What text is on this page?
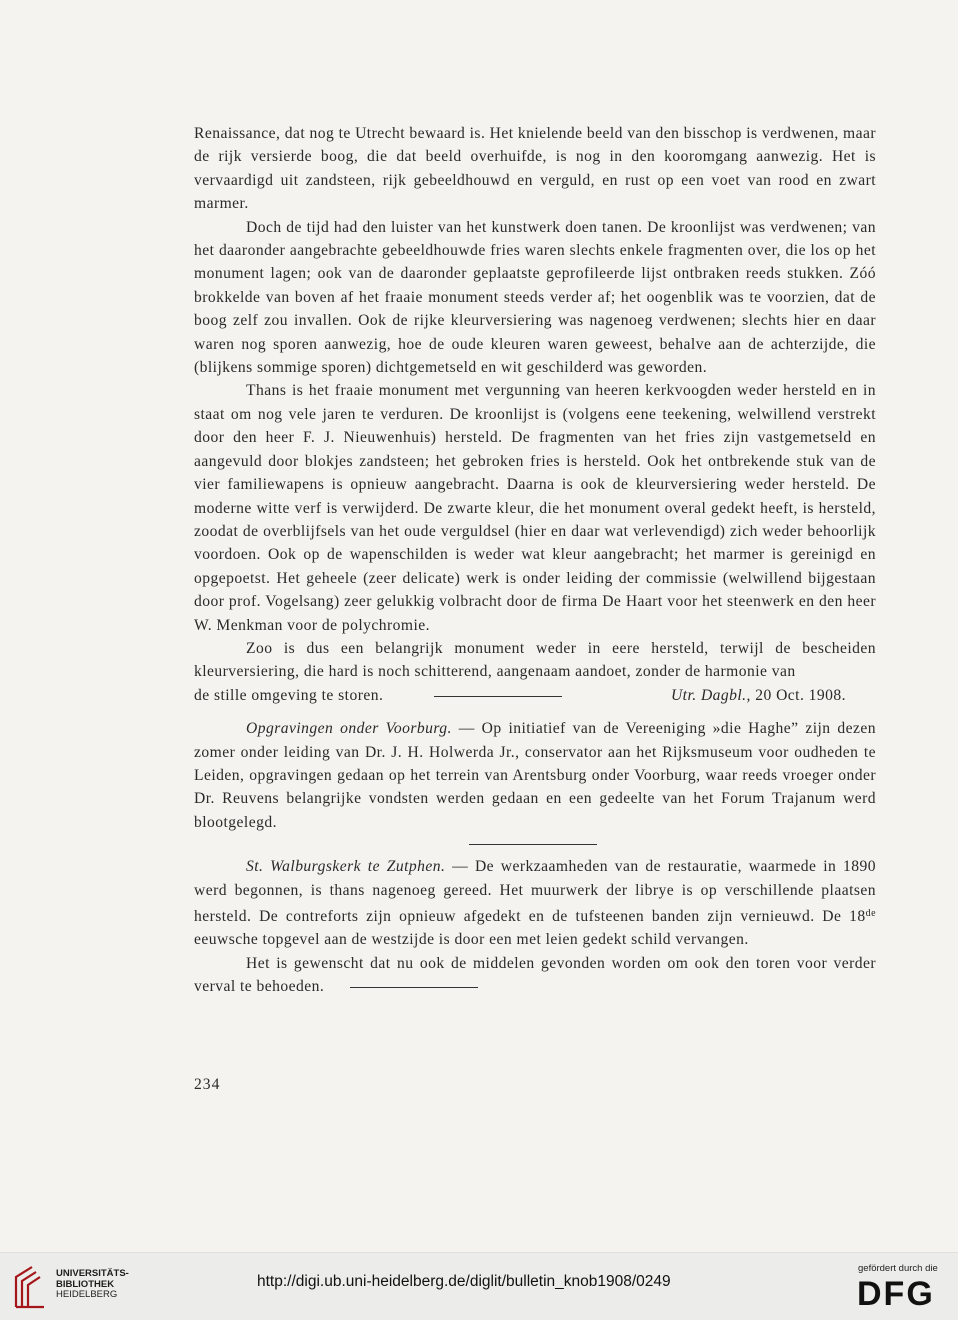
Renaissance, dat nog te Utrecht bewaard is. Het knielende beeld van den bisschop is verdwenen, maar de rijk versierde boog, die dat beeld overhuifde, is nog in den kooromgang aanwezig. Het is vervaardigd uit zandsteen, rijk gebeeldhouwd en verguld, en rust op een voet van rood en zwart marmer.

Doch de tijd had den luister van het kunstwerk doen tanen. De kroonlijst was verdwenen; van het daaronder aangebrachte gebeeldhouwde fries waren slechts enkele fragmenten over, die los op het monument lagen; ook van de daaronder geplaatste geprofileerde lijst ontbraken reeds stukken. Zóó brokkelde van boven af het fraaie monument steeds verder af; het oogenblik was te voorzien, dat de boog zelf zou invallen. Ook de rijke kleurversiering was nagenoeg verdwenen; slechts hier en daar waren nog sporen aanwezig, hoe de oude kleuren waren geweest, behalve aan de achterzijde, die (blijkens sommige sporen) dichtgemetseld en wit geschilderd was geworden.

Thans is het fraaie monument met vergunning van heeren kerkvoogden weder hersteld en in staat om nog vele jaren te verduren. De kroonlijst is (volgens eene teekening, welwillend verstrekt door den heer F. J. Nieuwenhuis) hersteld. De fragmenten van het fries zijn vastgemetseld en aangevuld door blokjes zandsteen; het gebroken fries is hersteld. Ook het ontbrekende stuk van de vier familiewapens is opnieuw aangebracht. Daarna is ook de kleurversiering weder hersteld. De moderne witte verf is verwijderd. De zwarte kleur, die het monument overal gedekt heeft, is hersteld, zoodat de overblijfsels van het oude verguldsel (hier en daar wat verlevendigd) zich weder behoorlijk voordoen. Ook op de wapenschilden is weder wat kleur aangebracht; het marmer is gereinigd en opgepoetst. Het geheele (zeer delicate) werk is onder leiding der commissie (welwillend bijgestaan door prof. Vogelsang) zeer gelukkig volbracht door de firma De Haart voor het steenwerk en den heer W. Menkman voor de polychromie.

Zoo is dus een belangrijk monument weder in eere hersteld, terwijl de bescheiden kleurversiering, die hard is noch schitterend, aangenaam aandoet, zonder de harmonie van

de stille omgeving te storen.	Utr. Dagbl., 20 Oct. 1908.

Opgravingen onder Voorburg. — Op initiatief van de Vereeniging »die Haghe” zijn dezen zomer onder leiding van Dr. J. H. Holwerda Jr., conservator aan het Rijksmuseum voor oudheden te Leiden, opgravingen gedaan op het terrein van Arentsburg onder Voorburg, waar reeds vroeger onder Dr. Reuvens belangrijke vondsten werden gedaan en een gedeelte van het Forum Trajanum werd blootgelegd.

St. Walburgskerk te Zutphen. — De werkzaamheden van de restauratie, waarmede in 1890 werd begonnen, is thans nagenoeg gereed. Het muurwerk der librye is op verschillende plaatsen hersteld. De contreforts zijn opnieuw afgedekt en de tufsteenen banden zijn vernieuwd. De 18de eeuwsche topgevel aan de westzijde is door een met leien gedekt schild vervangen.

Het is gewenscht dat nu ook de middelen gevonden worden om ook den toren voor verder verval te behoeden.

234
UNIVERSITÄTS-
BIBLIOTHEK
HEIDELBERG
http://digi.ub.uni-heidelberg.de/diglit/bulletin_knob1908/0249
gefördert durch die
DFG
